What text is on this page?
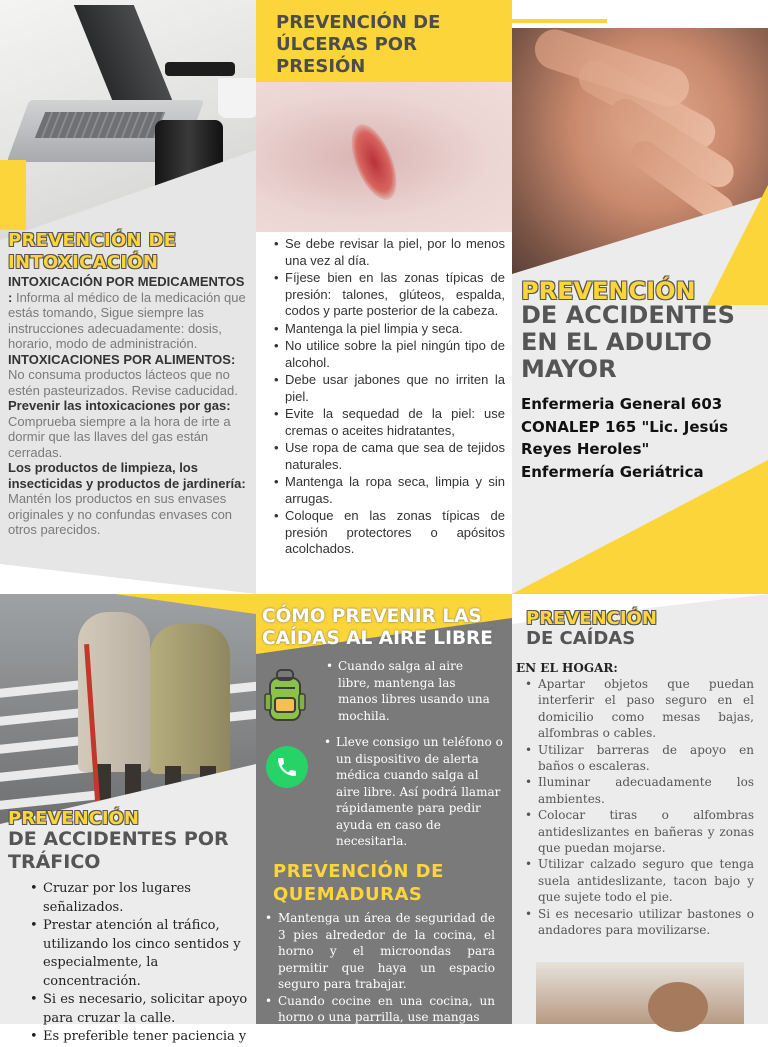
PREVENCIÓN DE INTOXICACIÓN

INTOXICACIÓN POR MEDICAMENTOS : Informa al médico de la medicación que estás tomando, Sigue siempre las instrucciones adecuadamente: dosis, horario, modo de administración.

INTOXICACIONES POR ALIMENTOS: No consuma productos lácteos que no estén pasteurizados. Revise caducidad.

Prevenir las intoxicaciones por gas: Comprueba siempre a la hora de irte a dormir que las llaves del gas están cerradas.

Los productos de limpieza, los insecticidas y productos de jardinería: Mantén los productos en sus envases originales y no confundas envases con otros parecidos.

PREVENCIÓN DE ÚLCERAS POR PRESIÓN
• Se debe revisar la piel, por lo menos una vez al día.
• Fíjese bien en las zonas típicas de presión: talones, glúteos, espalda, codos y parte posterior de la cabeza.
• Mantenga la piel limpia y seca.
• No utilice sobre la piel ningún tipo de alcohol.
• Debe usar jabones que no irriten la piel.
• Evite la sequedad de la piel: use cremas o aceites hidratantes,
• Use ropa de cama que sea de tejidos naturales.
• Mantenga la ropa seca, limpia y sin arrugas.
• Coloque en las zonas típicas de presión protectores o apósitos acolchados.
PREVENCIÓN
DE ACCIDENTES EN EL ADULTO MAYOR
Enfermeria General 603
CONALEP 165 "Lic. Jesús
Reyes Heroles"
Enfermería Geriátrica
PREVENCIÓN
DE ACCIDENTES POR TRÁFICO
• Cruzar por los lugares señalizados.
• Prestar atención al tráfico, utilizando los cinco sentidos y especialmente, la concentración.
• Si es necesario, solicitar apoyo para cruzar la calle.
• Es preferible tener paciencia y
CÓMO PREVENIR LAS CAÍDAS AL AIRE LIBRE
• Cuando salga al aire libre, mantenga las manos libres usando una mochila.
• Lleve consigo un teléfono o un dispositivo de alerta médica cuando salga al aire libre. Así podrá llamar rápidamente para pedir ayuda en caso de necesitarla.
PREVENCIÓN DE QUEMADURAS
• Mantenga un área de seguridad de 3 pies alrededor de la cocina, el horno y el microondas para permitir que haya un espacio seguro para trabajar.
• Cuando cocine en una cocina, un horno o una parrilla, use mangas
PREVENCIÓN
DE CAÍDAS
EN EL HOGAR:
• Apartar objetos que puedan interferir el paso seguro en el domicilio como mesas bajas, alfombras o cables.
• Utilizar barreras de apoyo en baños o escaleras.
• Iluminar adecuadamente los ambientes.
• Colocar tiras o alfombras antideslizantes en bañeras y zonas que puedan mojarse.
• Utilizar calzado seguro que tenga suela antideslizante, tacon bajo y que sujete todo el pie.
• Si es necesario utilizar bastones o andadores para movilizarse.
